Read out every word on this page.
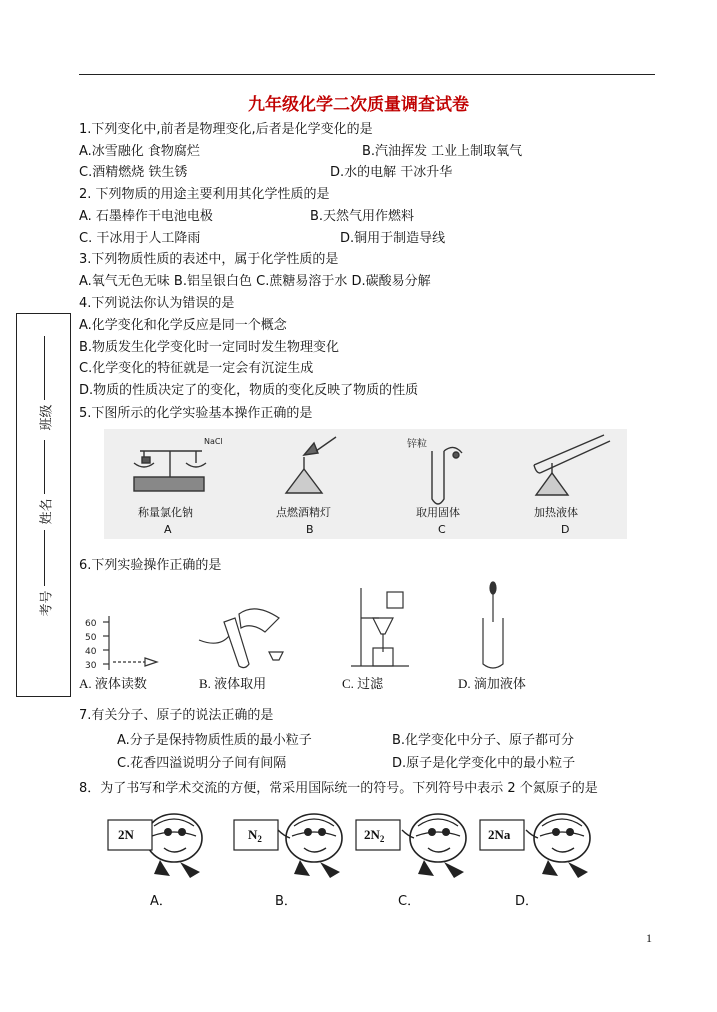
九年级化学二次质量调查试卷
班级
姓名
考号
1.下列变化中,前者是物理变化,后者是化学变化的是
A.冰雪融化 食物腐烂	B.汽油挥发 工业上制取氧气
C.酒精燃烧 铁生锈	D.水的电解 干冰升华
2. 下列物质的用途主要利用其化学性质的是
A. 石墨棒作干电池电极	B.天然气用作燃料
C. 干冰用于人工降雨	D.铜用于制造导线
3.下列物质性质的表述中，属于化学性质的是
A.氧气无色无味 B.铝呈银白色 C.蔗糖易溶于水 D.碳酸易分解
4.下列说法你认为错误的是
A.化学变化和化学反应是同一个概念
B.物质发生化学变化时一定同时发生物理变化
C.化学变化的特征就是一定会有沉淀生成
D.物质的性质决定了的变化，物质的变化反映了物质的性质
5.下图所示的化学实验基本操作正确的是
NaCl	锌粒
称量氯化钠	点燃酒精灯	取用固体	加热液体
A	B	C	D
6.下列实验操作正确的是
60
50
40
30
A. 液体读数	B. 液体取用	C. 过滤	D. 滴加液体
7.有关分子、原子的说法正确的是
A.分子是保持物质性质的最小粒子	B.化学变化中分子、原子都可分
C.花香四溢说明分子间有间隔	D.原子是化学变化中的最小粒子
8．为了书写和学术交流的方便，常采用国际统一的符号。下列符号中表示 2 个氮原子的是
2N	$N_2$	$2N_2$	2Na
A．	B．	C．	D．
1
